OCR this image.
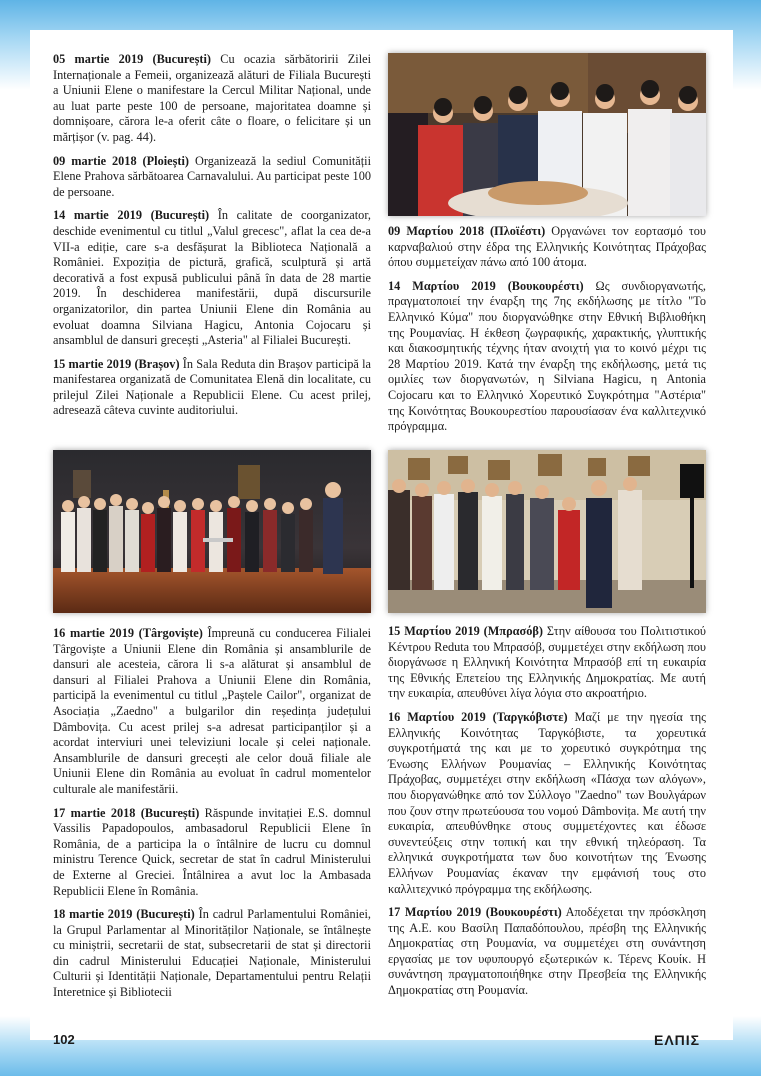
05 martie 2019 (București) Cu ocazia sărbătoririi Zilei Internaționale a Femeii, organizează alături de Filiala București a Uniunii Elene o manifestare la Cercul Militar Național, unde au luat parte peste 100 de persoane, majoritatea doamne și domnișoare, cărora le-a oferit câte o floare, o felicitare și un mărțișor (v. pag. 44).

09 martie 2018 (Ploiești) Organizează la sediul Comunității Elene Prahova sărbătoarea Carnavalului. Au participat peste 100 de persoane.

14 martie 2019 (București) În calitate de coorganizator, deschide evenimentul cu titlul „Valul grecesc", aflat la cea de-a VII-a ediție, care s-a desfășurat la Biblioteca Națională a României. Expoziția de pictură, grafică, sculptură și artă decorativă a fost expusă publicului până în data de 28 martie 2019. În deschiderea manifestării, după discursurile organizatorilor, din partea Uniunii Elene din România au evoluat doamna Silviana Hagicu, Antonia Cojocaru și ansamblul de dansuri grecești „Asteria" al Filialei București.

15 martie 2019 (Brașov) În Sala Reduta din Brașov participă la manifestarea organizată de Comunitatea Elenă din localitate, cu prilejul Zilei Naționale a Republicii Elene. Cu acest prilej, adresează câteva cuvinte auditoriului.

16 martie 2019 (Târgoviște) Împreună cu conducerea Filialei Târgoviște a Uniunii Elene din România și ansamblurile de dansuri ale acesteia, cărora li s-a alăturat și ansamblul de dansuri al Filialei Prahova a Uniunii Elene din România, participă la evenimentul cu titlul „Paștele Cailor", organizat de Asociația „Zaedno" a bulgarilor din reședința județului Dâmbovița. Cu acest prilej s-a adresat participanților și a acordat interviuri unei televiziuni locale și celei naționale. Ansamblurile de dansuri grecești ale celor două filiale ale Uniunii Elene din România au evoluat în cadrul momentelor culturale ale manifestării.

17 martie 2018 (București) Răspunde invitației E.S. domnul Vassilis Papadopoulos, ambasadorul Republicii Elene în România, de a participa la o întâlnire de lucru cu domnul ministru Terence Quick, secretar de stat în cadrul Ministerului de Externe al Greciei. Întâlnirea a avut loc la Ambasada Republicii Elene în România.

18 martie 2019 (București) În cadrul Parlamentului României, la Grupul Parlamentar al Minorităților Naționale, se întâlnește cu miniștrii, secretarii de stat, subsecretarii de stat și directorii din cadrul Ministerului Educației Naționale, Ministerului Culturii și Identității Naționale, Departamentului pentru Relații Interetnice și Bibliotecii

09 Μαρτίου 2018 (Πλοϊέστι) Οργανώνει τον εορτασμό του καρναβαλιού στην έδρα της Ελληνικής Κοινότητας Πράχοβας όπου συμμετείχαν πάνω από 100 άτομα.

14 Μαρτίου 2019 (Βουκουρέστι) Ως συνδιοργανωτής, πραγματοποιεί την έναρξη της 7ης εκδήλωσης με τίτλο "Το Ελληνικό Κύμα" που διοργανώθηκε στην Εθνική Βιβλιοθήκη της Ρουμανίας. Η έκθεση ζωγραφικής, χαρακτικής, γλυπτικής και διακοσμητικής τέχνης ήταν ανοιχτή για το κοινό μέχρι τις 28 Μαρτίου 2019. Κατά την έναρξη της εκδήλωσης, μετά τις ομιλίες των διοργανωτών, η Silviana Hagicu, η Antonia Cojocaru και το Ελληνικό Χορευτικό Συγκρότημα "Αστέρια" της Κοινότητας Βουκουρεστίου παρουσίασαν ένα καλλιτεχνικό πρόγραμμα.

15 Μαρτίου 2019 (Μπρασόβ) Στην αίθουσα του Πολιτιστικού Κέντρου Reduta του Μπρασόβ, συμμετέχει στην εκδήλωση που διοργάνωσε η Ελληνική Κοινότητα Μπρασόβ επί τη ευκαιρία της Εθνικής Επετείου της Ελληνικής Δημοκρατίας. Με αυτή την ευκαιρία, απευθύνει λίγα λόγια στο ακροατήριο.

16 Μαρτίου 2019 (Ταργκόβιστε) Μαζί με την ηγεσία της Ελληνικής Κοινότητας Ταργκόβιστε, τα χορευτικά συγκροτήματά της και με το χορευτικό συγκρότημα της Ένωσης Ελλήνων Ρουμανίας – Ελληνικής Κοινότητας Πράχοβας, συμμετέχει στην εκδήλωση «Πάσχα των αλόγων», που διοργανώθηκε από τον Σύλλογο "Zaedno" των Βουλγάρων που ζουν στην πρωτεύουσα του νομού Dâmbovița. Με αυτή την ευκαιρία, απευθύνθηκε στους συμμετέχοντες και έδωσε συνεντεύξεις στην τοπική και την εθνική τηλεόραση. Τα ελληνικά συγκροτήματα των δυο κοινοτήτων της Ένωσης Ελλήνων Ρουμανίας έκαναν την εμφάνισή τους στο καλλιτεχνικό πρόγραμμα της εκδήλωσης.

17 Μαρτίου 2019 (Βουκουρέστι) Αποδέχεται την πρόσκληση της Α.Ε. κου Βασίλη Παπαδόπουλου, πρέσβη της Ελληνικής Δημοκρατίας στη Ρουμανία, να συμμετέχει στη συνάντηση εργασίας με τον υφυπουργό εξωτερικών κ. Τέρενς Κουίκ. Η συνάντηση πραγματοποιήθηκε στην Πρεσβεία της Ελληνικής Δημοκρατίας στη Ρουμανία.

102	ΕΛΠΙΣ
